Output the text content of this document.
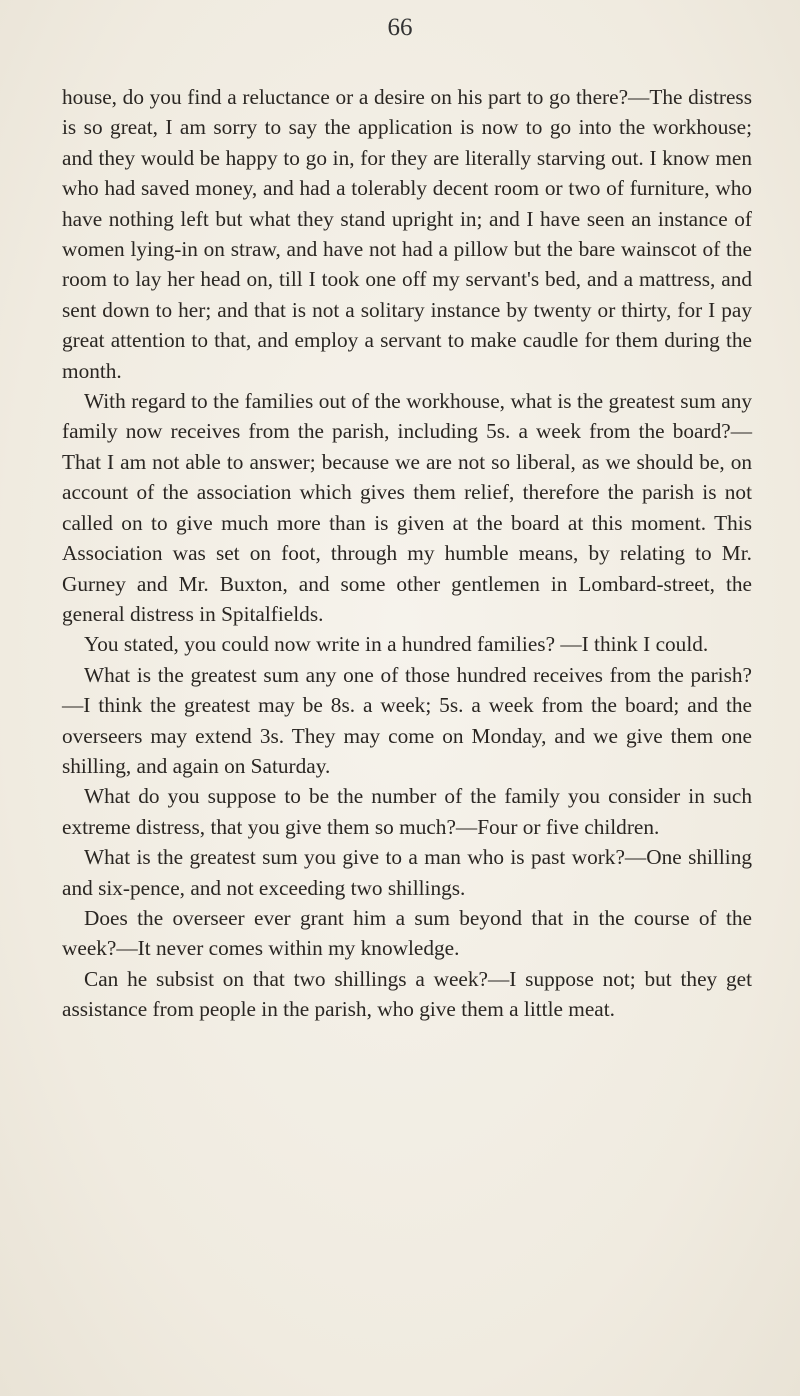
66

house, do you find a reluctance or a desire on his part to go there?—The distress is so great, I am sorry to say the application is now to go into the workhouse; and they would be happy to go in, for they are literally starving out. I know men who had saved money, and had a tolerably decent room or two of furniture, who have nothing left but what they stand upright in; and I have seen an instance of women lying-in on straw, and have not had a pillow but the bare wainscot of the room to lay her head on, till I took one off my servant's bed, and a mattress, and sent down to her; and that is not a solitary instance by twenty or thirty, for I pay great attention to that, and employ a servant to make caudle for them during the month.

With regard to the families out of the workhouse, what is the greatest sum any family now receives from the parish, including 5s. a week from the board?—That I am not able to answer; because we are not so liberal, as we should be, on account of the association which gives them relief, therefore the parish is not called on to give much more than is given at the board at this moment. This Association was set on foot, through my humble means, by relating to Mr. Gurney and Mr. Buxton, and some other gentlemen in Lombard-street, the general distress in Spitalfields.

You stated, you could now write in a hundred families? —I think I could.

What is the greatest sum any one of those hundred receives from the parish?—I think the greatest may be 8s. a week; 5s. a week from the board; and the overseers may extend 3s. They may come on Monday, and we give them one shilling, and again on Saturday.

What do you suppose to be the number of the family you consider in such extreme distress, that you give them so much?—Four or five children.

What is the greatest sum you give to a man who is past work?—One shilling and six-pence, and not exceeding two shillings.

Does the overseer ever grant him a sum beyond that in the course of the week?—It never comes within my knowledge.

Can he subsist on that two shillings a week?—I suppose not; but they get assistance from people in the parish, who give them a little meat.
